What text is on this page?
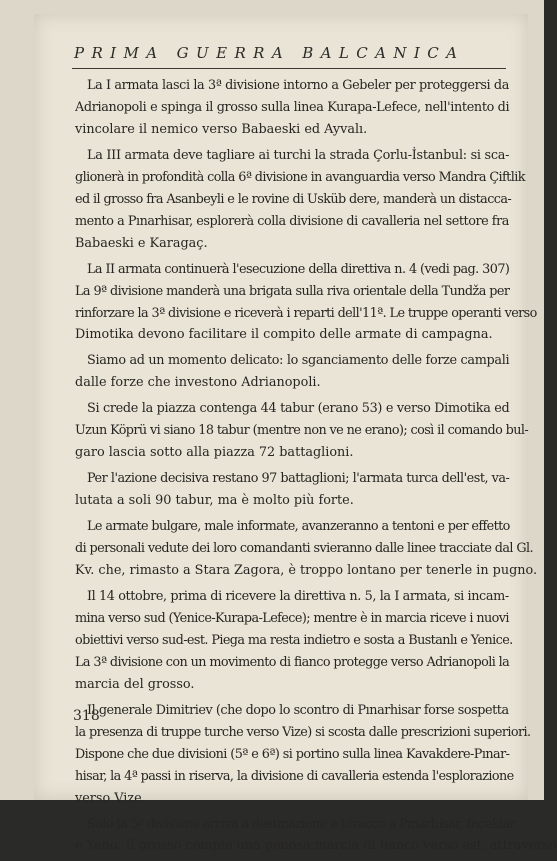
PRIMA GUERRA BALCANICA
La I armata lasci la 3ª divisione intorno a Gebeler per proteggersi da
Adrianopoli e spinga il grosso sulla linea Kurapa-Lefece, nell'intento di
vincolare il nemico verso Babaeski ed Ayvalı.
La III armata deve tagliare ai turchi la strada Çorlu-İstanbul: si sca-
glionerà in profondità colla 6ª divisione in avanguardia verso Mandra Çiftlik
ed il grosso fra Asanbeyli e le rovine di Usküb dere, manderà un distacca-
mento a Pınarhisar, esplorerà colla divisione di cavalleria nel settore fra
Babaeski e Karagaç.
La II armata continuerà l'esecuzione della direttiva n. 4 (vedi pag. 307)
La 9ª divisione manderà una brigata sulla riva orientale della Tundža per
rinforzare la 3ª divisione e riceverà i reparti dell'11ª. Le truppe operanti verso
Dimotika devono facilitare il compito delle armate di campagna.
Siamo ad un momento delicato: lo sganciamento delle forze campali
dalle forze che investono Adrianopoli.
Si crede la piazza contenga 44 tabur (erano 53) e verso Dimotika ed
Uzun Köprü vi siano 18 tabur (mentre non ve ne erano); così il comando bul-
garo lascia sotto alla piazza 72 battaglioni.
Per l'azione decisiva restano 97 battaglioni; l'armata turca dell'est, va-
lutata a soli 90 tabur, ma è molto più forte.
Le armate bulgare, male informate, avanzeranno a tentoni e per effetto
di personali vedute dei loro comandanti svieranno dalle linee tracciate dal Gl.
Kv. che, rimasto a Stara Zagora, è troppo lontano per tenerle in pugno.
Il 14 ottobre, prima di ricevere la direttiva n. 5, la I armata, si incam-
mina verso sud (Yenice-Kurapa-Lefece); mentre è in marcia riceve i nuovi
obiettivi verso sud-est. Piega ma resta indietro e sosta a Bustanlı e Yenice.
La 3ª divisione con un movimento di fianco protegge verso Adrianopoli la
marcia del grosso.
Il generale Dimitriev (che dopo lo scontro di Pınarhisar forse sospetta
la presenza di truppe turche verso Vize) si scosta dalle prescrizioni superiori.
Dispone che due divisioni (5ª e 6ª) si portino sulla linea Kavakdere-Pınar-
hisar, la 4ª passi in riserva, la divisione di cavalleria estenda l'esplorazione
verso Vize.
Solo la 5ª divisione arriva a destinazione e bivacca a Pınarhisar, Inceklar
e Yeno. Il grosso compie una penosa marcia di fianco verso est, attraverso
318
